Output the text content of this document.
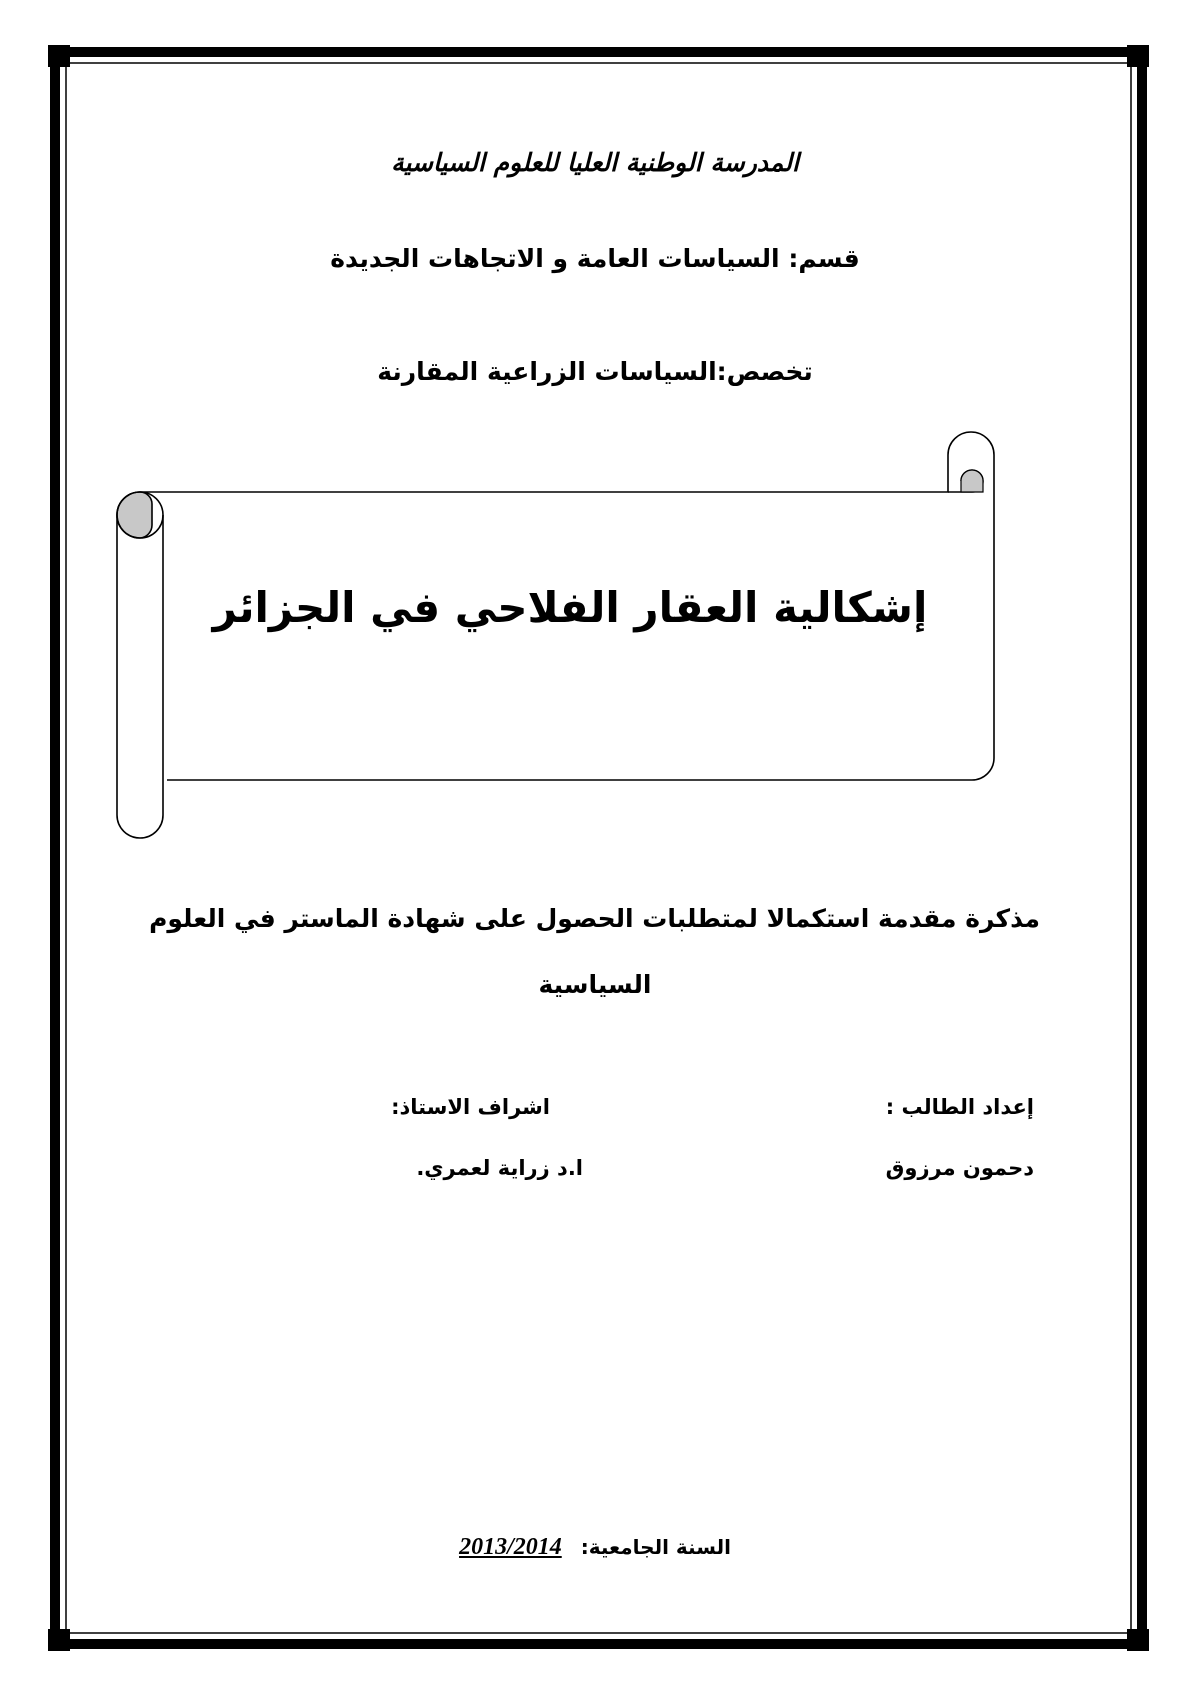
المدرسة الوطنية العليا للعلوم السياسية
قسم: السياسات العامة و الاتجاهات الجديدة
تخصص:السياسات الزراعية المقارنة
إشكالية العقار الفلاحي في الجزائر
مذكرة مقدمة استكمالا لمتطلبات الحصول على شهادة الماستر في العلوم
السياسية
إعداد الطالب :
دحمون مرزوق
اشراف الاستاذ:
ا.د زراية لعمري.
السنة الجامعية: 2013/2014
